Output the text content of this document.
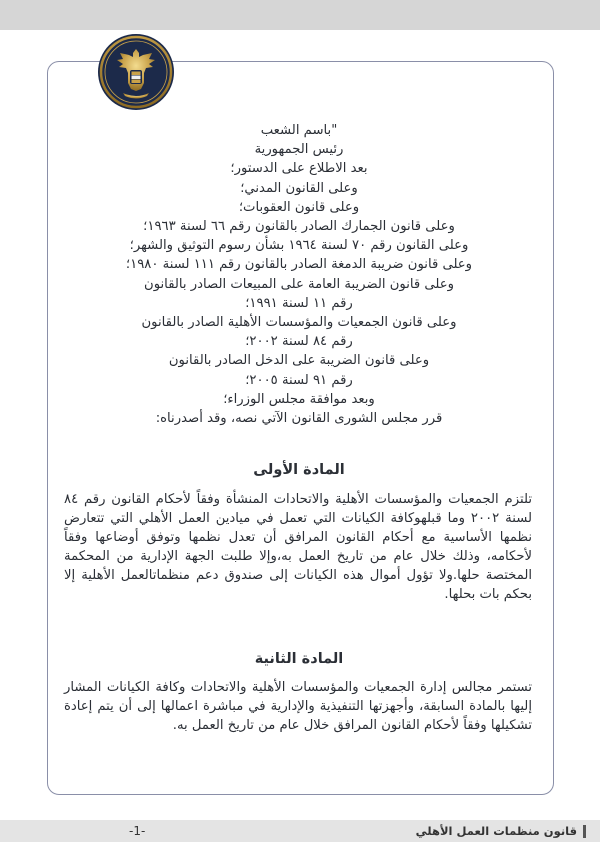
"باسم الشعب
رئيس الجمهورية
بعد الاطلاع على الدستور؛
وعلى القانون المدني؛
وعلى قانون العقوبات؛
وعلى قانون الجمارك الصادر بالقانون رقم ٦٦ لسنة ١٩٦٣؛
وعلى القانون رقم ٧٠ لسنة ١٩٦٤ بشأن رسوم التوثيق والشهر؛
وعلى قانون ضريبة الدمغة الصادر بالقانون رقم ١١١ لسنة ١٩٨٠؛
وعلى قانون الضريبة العامة على المبيعات الصادر بالقانون
رقم ١١ لسنة ١٩٩١؛
وعلى قانون الجمعيات والمؤسسات الأهلية الصادر بالقانون
رقم ٨٤ لسنة ٢٠٠٢؛
وعلى قانون الضريبة على الدخل الصادر بالقانون
رقم ٩١ لسنة ٢٠٠٥؛
وبعد موافقة مجلس الوزراء؛
قرر مجلس الشورى القانون الآتي نصه، وقد أصدرناه:
المادة الأولى
تلتزم الجمعيات والمؤسسات الأهلية والاتحادات المنشأة وفقاً لأحكام القانون رقم ٨٤ لسنة ٢٠٠٢ وما قبلهوكافة الكيانات التي تعمل في ميادين العمل الأهلي التي تتعارض نظمها الأساسية مع أحكام القانون المرافق أن تعدل نظمها وتوفق أوضاعها وفقاً لأحكامه، وذلك خلال عام من تاريخ العمل به،وإلا طلبت الجهة الإدارية من المحكمة المختصة حلها.ولا تؤول أموال هذه الكيانات إلى صندوق دعم منظماتالعمل الأهلية إلا بحكم بات بحلها.
المادة الثانية
تستمر مجالس إدارة الجمعيات والمؤسسات الأهلية والاتحادات وكافة الكيانات المشار إليها بالمادة السابقة، وأجهزتها التنفيذية والإدارية في مباشرة اعمالها إلى أن يتم إعادة تشكيلها وفقاً لأحكام القانون المرافق خلال عام من تاريخ العمل به.
قانون منظمات العمل الأهلي
-1-
